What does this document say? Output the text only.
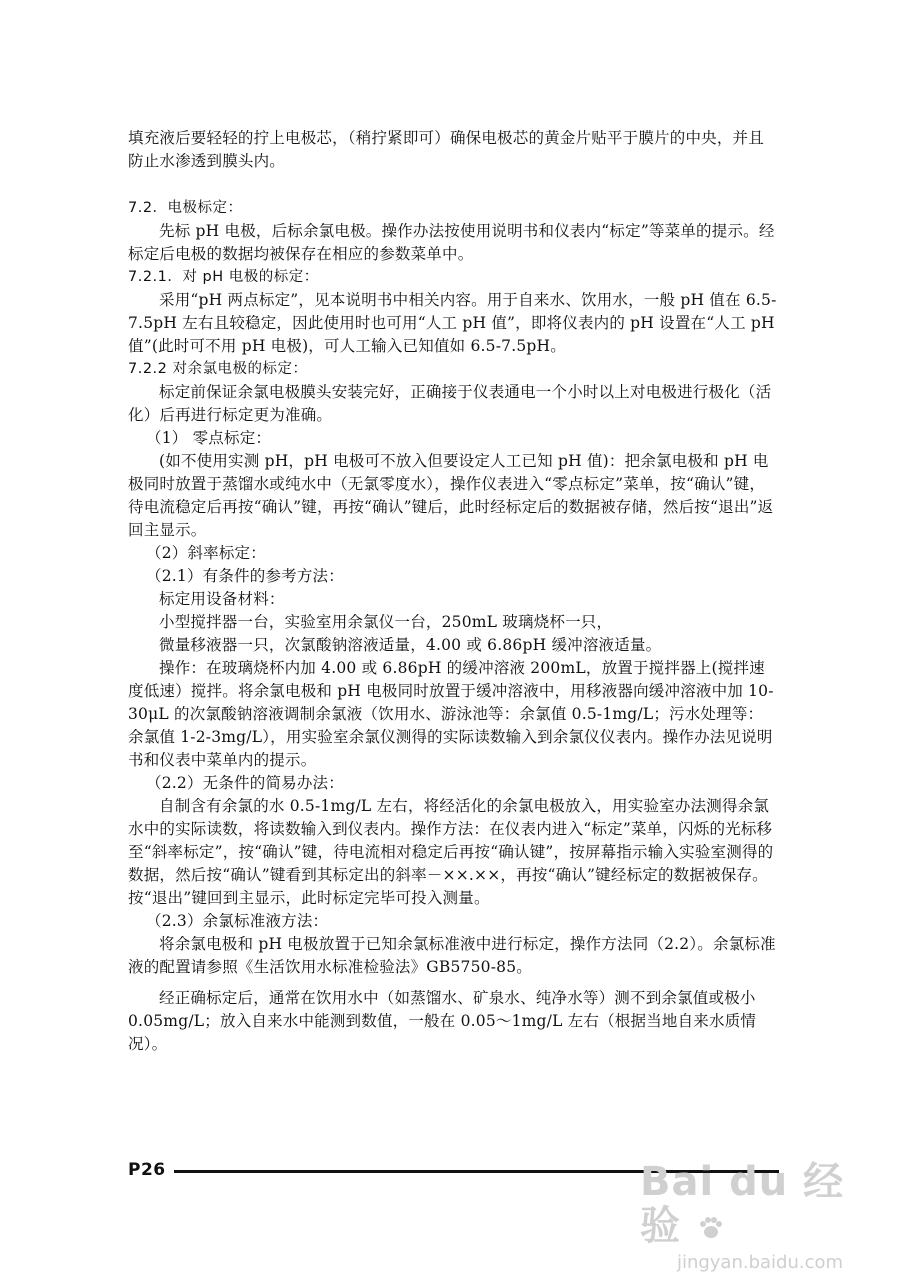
填充液后要轻轻的拧上电极芯，（稍拧紧即可）确保电极芯的黄金片贴平于膜片的中央，并且防止水渗透到膜头内。

7.2．电极标定：

先标 pH 电极，后标余氯电极。操作办法按使用说明书和仪表内“标定”等菜单的提示。经标定后电极的数据均被保存在相应的参数菜单中。

7.2.1．对 pH 电极的标定：

采用“pH 两点标定”，见本说明书中相关内容。用于自来水、饮用水，一般 pH 值在 6.5-7.5pH 左右且较稳定，因此使用时也可用“人工 pH 值”，即将仪表内的 pH 设置在“人工 pH 值”(此时可不用 pH 电极)，可人工输入已知值如 6.5-7.5pH。

7.2.2 对余氯电极的标定：

标定前保证余氯电极膜头安装完好，正确接于仪表通电一个小时以上对电极进行极化（活化）后再进行标定更为准确。

（1） 零点标定：

(如不使用实测 pH，pH 电极可不放入但要设定人工已知 pH 值)：把余氯电极和 pH 电极同时放置于蒸馏水或纯水中（无氯零度水），操作仪表进入“零点标定”菜单，按“确认”键，待电流稳定后再按“确认”键，再按“确认”键后，此时经标定后的数据被存储，然后按“退出”返回主显示。

（2）斜率标定：

（2.1）有条件的参考方法：

标定用设备材料：

小型搅拌器一台，实验室用余氯仪一台，250mL 玻璃烧杯一只，

微量移液器一只，次氯酸钠溶液适量，4.00 或 6.86pH 缓冲溶液适量。

操作：在玻璃烧杯内加 4.00 或 6.86pH 的缓冲溶液 200mL，放置于搅拌器上(搅拌速度低速）搅拌。将余氯电极和 pH 电极同时放置于缓冲溶液中，用移液器向缓冲溶液中加 10-30μL 的次氯酸钠溶液调制余氯液（饮用水、游泳池等：余氯值 0.5-1mg/L；污水处理等：余氯值 1-2-3mg/L），用实验室余氯仪测得的实际读数输入到余氯仪仪表内。操作办法见说明书和仪表中菜单内的提示。

（2.2）无条件的简易办法：

自制含有余氯的水 0.5-1mg/L 左右，将经活化的余氯电极放入，用实验室办法测得余氯水中的实际读数，将读数输入到仪表内。操作方法：在仪表内进入“标定”菜单，闪烁的光标移至“斜率标定”，按“确认”键，待电流相对稳定后再按“确认键”，按屏幕指示输入实验室测得的数据，然后按“确认”键看到其标定出的斜率－××.××，再按“确认”键经标定的数据被保存。按“退出”键回到主显示，此时标定完毕可投入测量。

（2.3）余氯标准液方法：

将余氯电极和 pH 电极放置于已知余氯标准液中进行标定，操作方法同（2.2）。余氯标准液的配置请参照《生活饮用水标准检验法》GB5750-85。

经正确标定后，通常在饮用水中（如蒸馏水、矿泉水、纯净水等）测不到余氯值或极小 0.05mg/L；放入自来水中能测到数值，一般在 0.05～1mg/L 左右（根据当地自来水质情况）。

P26	Bai du 经验
jingyan.baidu.com
